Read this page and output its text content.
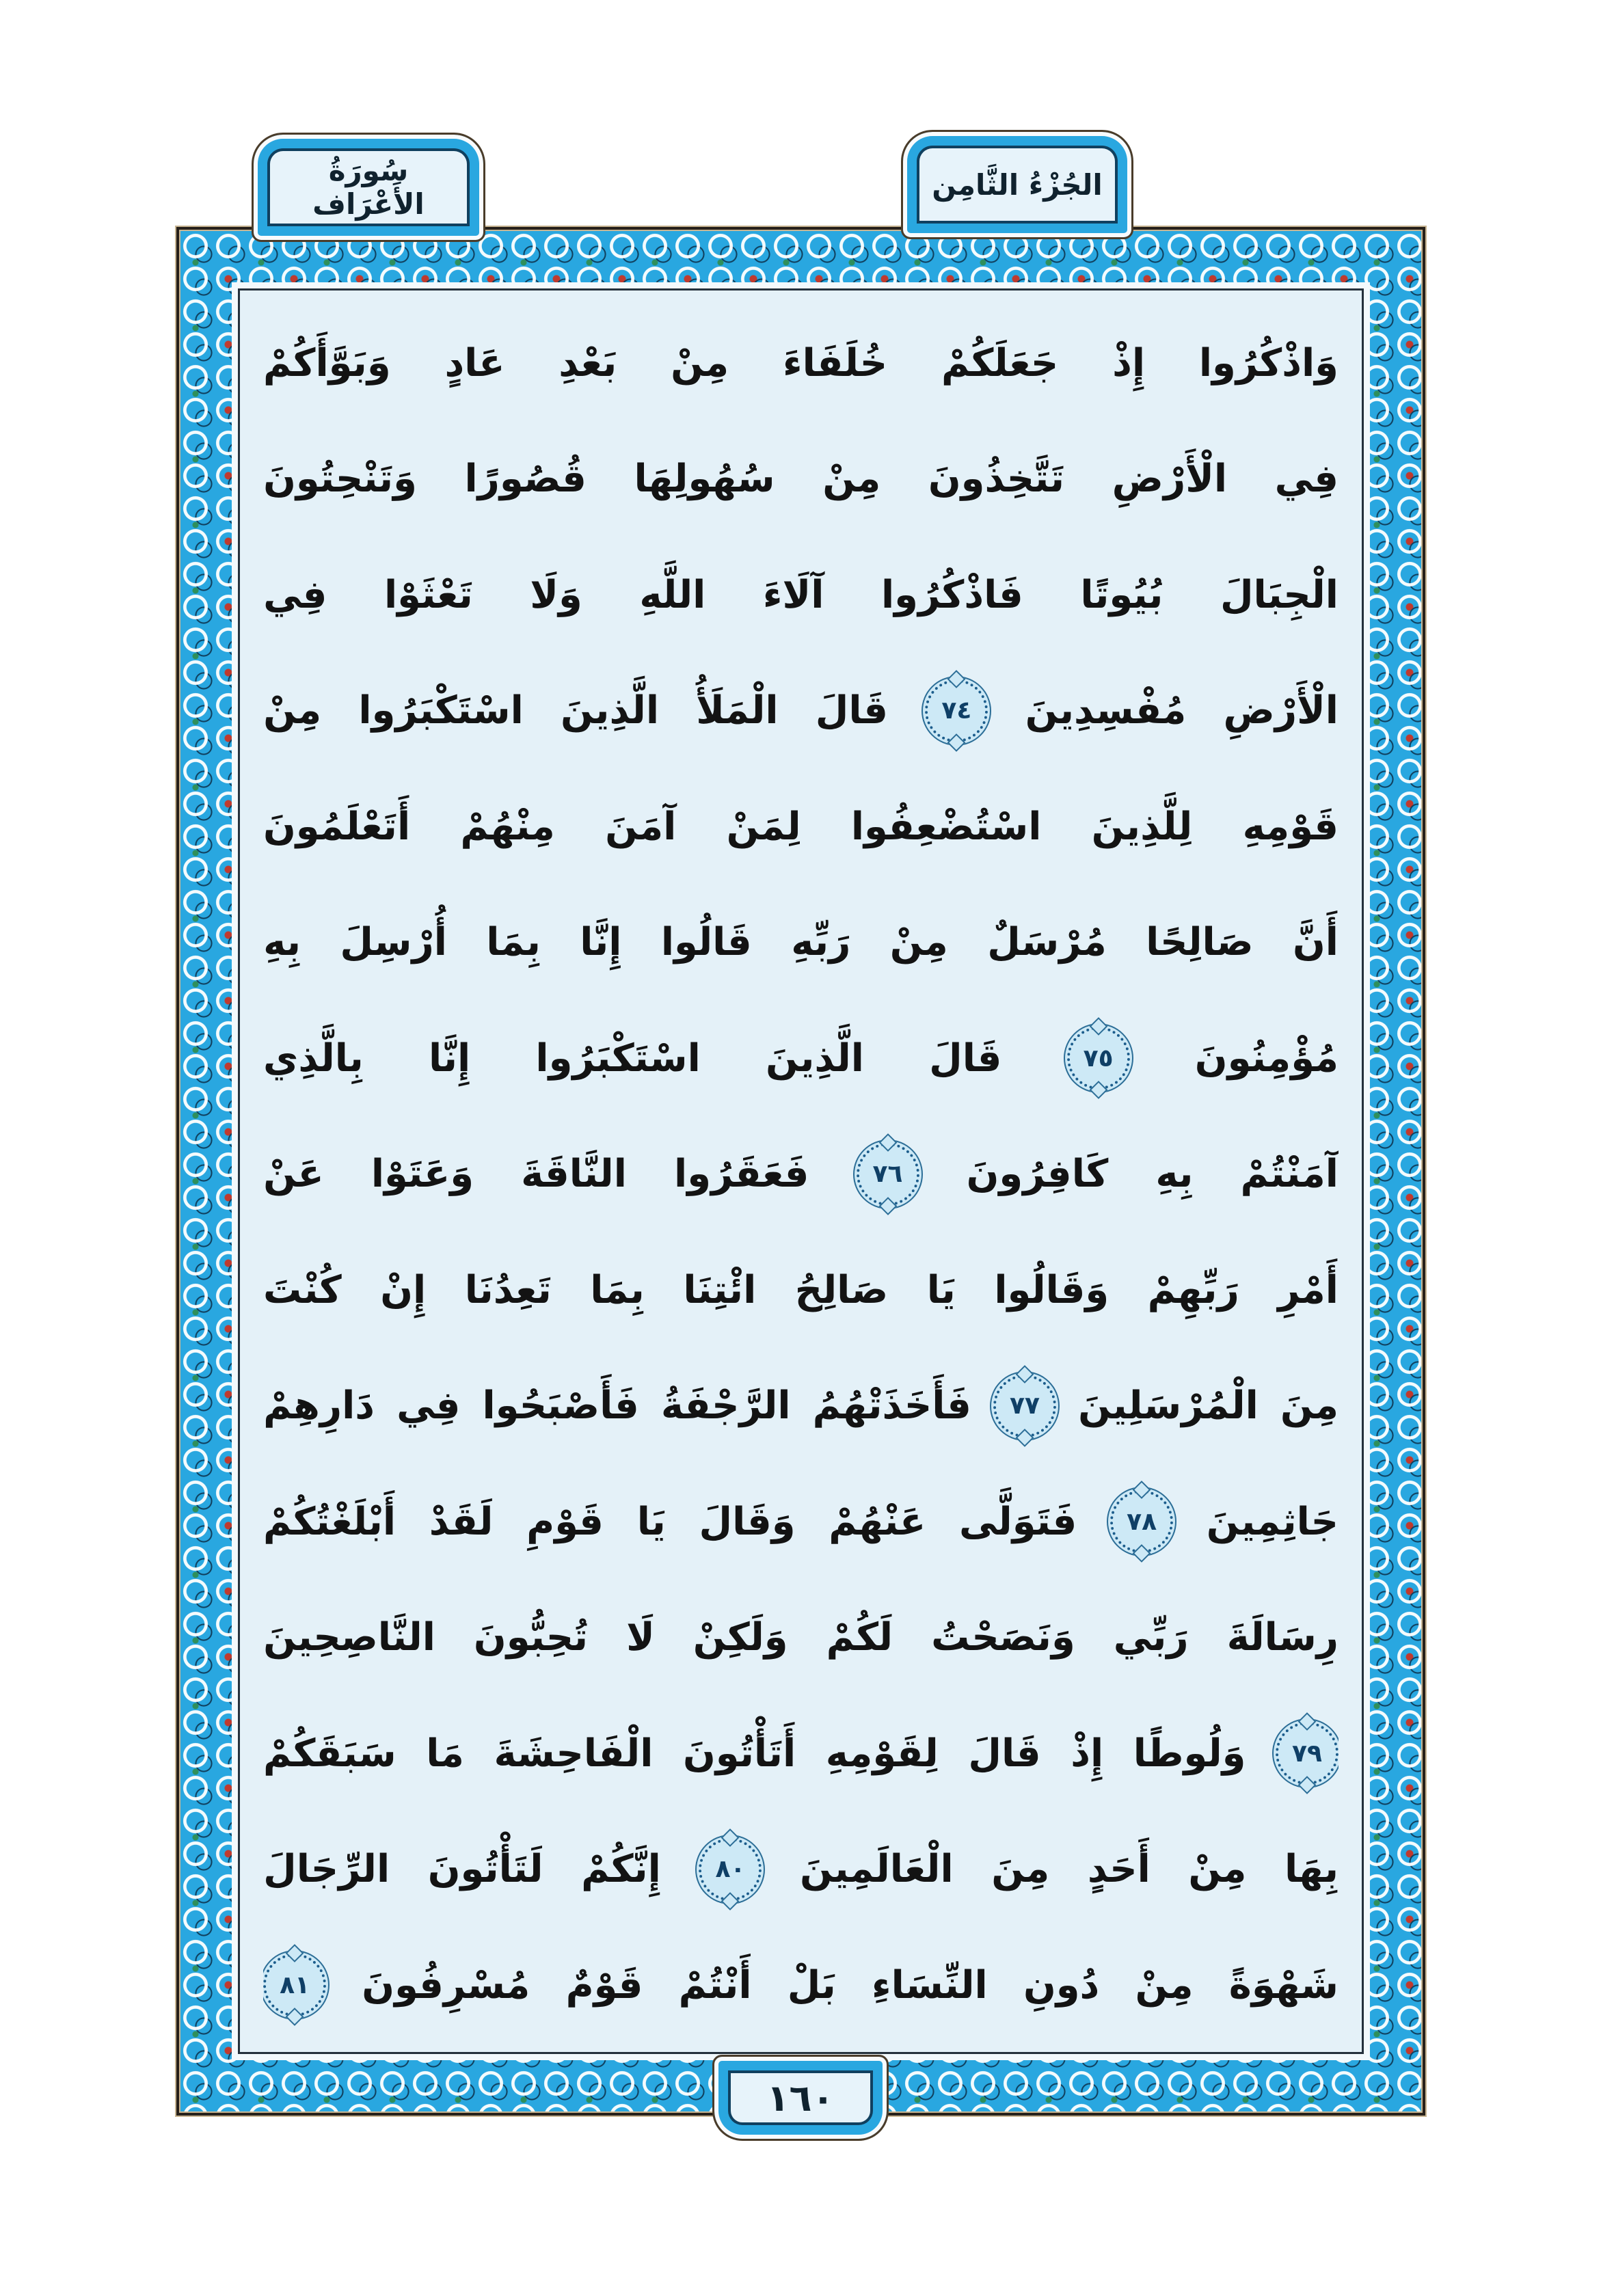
سُورَةُ الأَعْرَاف
الجُزْءُ الثَّامِن
وَاذْكُرُوا
إِذْ
جَعَلَكُمْ
خُلَفَاءَ
مِنْ
بَعْدِ
عَادٍ
وَبَوَّأَكُمْ
فِي
الْأَرْضِ
تَتَّخِذُونَ
مِنْ
سُهُولِهَا
قُصُورًا
وَتَنْحِتُونَ
الْجِبَالَ
بُيُوتًا
فَاذْكُرُوا
آلَاءَ
اللَّهِ
وَلَا
تَعْثَوْا
فِي
الْأَرْضِ
مُفْسِدِينَ
٧٤
قَالَ
الْمَلَأُ
الَّذِينَ
اسْتَكْبَرُوا
مِنْ
قَوْمِهِ
لِلَّذِينَ
اسْتُضْعِفُوا
لِمَنْ
آمَنَ
مِنْهُمْ
أَتَعْلَمُونَ
أَنَّ
صَالِحًا
مُرْسَلٌ
مِنْ
رَبِّهِ
قَالُوا
إِنَّا
بِمَا
أُرْسِلَ
بِهِ
مُؤْمِنُونَ
٧٥
قَالَ
الَّذِينَ
اسْتَكْبَرُوا
إِنَّا
بِالَّذِي
آمَنْتُمْ
بِهِ
كَافِرُونَ
٧٦
فَعَقَرُوا
النَّاقَةَ
وَعَتَوْا
عَنْ
أَمْرِ
رَبِّهِمْ
وَقَالُوا
يَا
صَالِحُ
ائْتِنَا
بِمَا
تَعِدُنَا
إِنْ
كُنْتَ
مِنَ
الْمُرْسَلِينَ
٧٧
فَأَخَذَتْهُمُ
الرَّجْفَةُ
فَأَصْبَحُوا
فِي
دَارِهِمْ
جَاثِمِينَ
٧٨
فَتَوَلَّى
عَنْهُمْ
وَقَالَ
يَا
قَوْمِ
لَقَدْ
أَبْلَغْتُكُمْ
رِسَالَةَ
رَبِّي
وَنَصَحْتُ
لَكُمْ
وَلَكِنْ
لَا
تُحِبُّونَ
النَّاصِحِينَ
٧٩
وَلُوطًا
إِذْ
قَالَ
لِقَوْمِهِ
أَتَأْتُونَ
الْفَاحِشَةَ
مَا
سَبَقَكُمْ
بِهَا
مِنْ
أَحَدٍ
مِنَ
الْعَالَمِينَ
٨٠
إِنَّكُمْ
لَتَأْتُونَ
الرِّجَالَ
شَهْوَةً
مِنْ
دُونِ
النِّسَاءِ
بَلْ
أَنْتُمْ
قَوْمٌ
مُسْرِفُونَ
٨١
١٦٠
